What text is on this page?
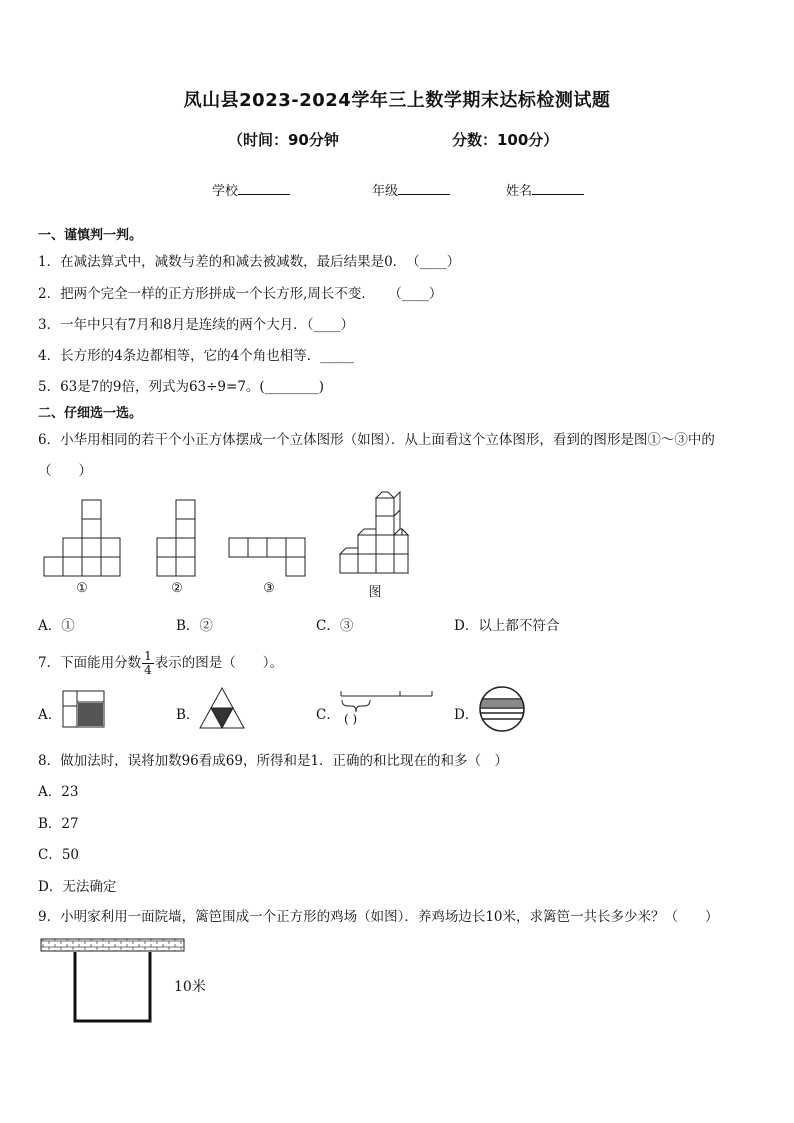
凤山县2023-2024学年三上数学期末达标检测试题
（时间：90分钟	分数：100分）
学校	年级	姓名
一、谨慎判一判。
1．在减法算式中，减数与差的和减去被减数，最后结果是0．　（____）
2．把两个完全一样的正方形拼成一个长方形,周长不变．　　（____）
3．一年中只有7月和8月是连续的两个大月．（____）
4．长方形的4条边都相等，它的4个角也相等．_____
5．63是7的9倍，列式为63÷9=7。(________)
二、仔细选一选。
6．小华用相同的若干个小正方体摆成一个立体图形（如图）．从上面看这个立体图形，看到的图形是图①～③中的
（　　）
①	②	③	图
A．①	B．②	C．③	D．以上都不符合
7．下面能用分数 $\frac{1}{4}$ 表示的图是（　　）。
A．	B．	C． ( )	D．
8．做加法时，误将加数96看成69，所得和是1．正确的和比现在的和多（　）
A．23
B．27
C．50
D．无法确定
9．小明家利用一面院墙，篱笆围成一个正方形的鸡场（如图）．养鸡场边长10米，求篱笆一共长多少米？（　　）
10米
